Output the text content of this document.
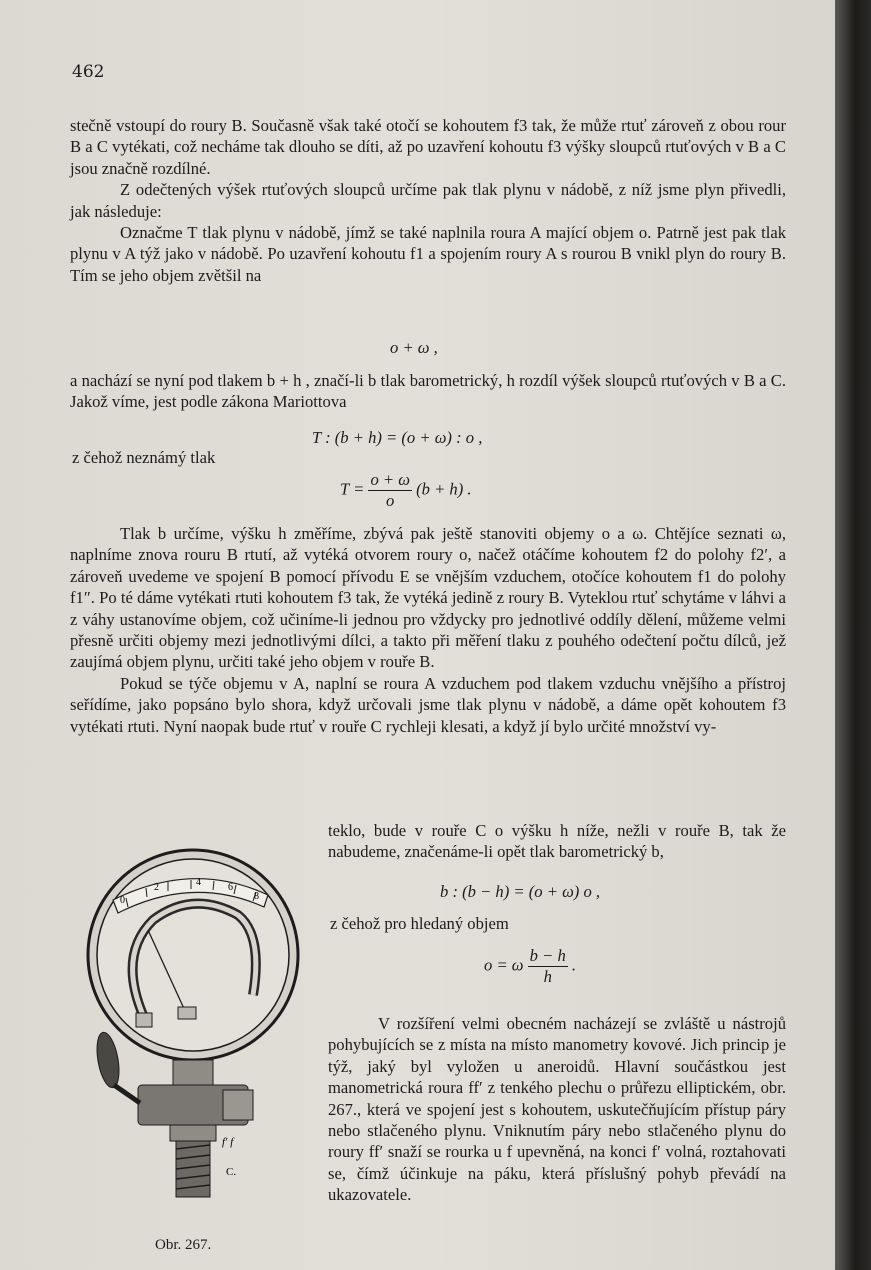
462

stečně vstoupí do roury B. Současně však také otočí se kohoutem f3 tak, že může rtuť zároveň z obou rour B a C vytékati, což necháme tak dlouho se díti, až po uzavření kohoutu f3 výšky sloupců rtuťových v B a C jsou značně rozdílné.

Z odečtených výšek rtuťových sloupců určíme pak tlak plynu v nádobě, z níž jsme plyn přivedli, jak následuje:

Označme T tlak plynu v nádobě, jímž se také naplnila roura A mající objem o. Patrně jest pak tlak plynu v A týž jako v nádobě. Po uzavření kohoutu f1 a spojením roury A s rourou B vnikl plyn do roury B. Tím se jeho objem zvětšil na

o + ω ,

a nachází se nyní pod tlakem b + h , značí-li b tlak barometrický, h rozdíl výšek sloupců rtuťových v B a C. Jakož víme, jest podle zákona Mariottova

T : (b + h) = (o + ω) : o ,
z čehož neznámý tlak
$T = \frac{o + \omega}{o} (b + h)$ .

Tlak b určíme, výšku h změříme, zbývá pak ještě stanoviti objemy o a ω. Chtějíce seznati ω, naplníme znova rouru B rtutí, až vytéká otvorem roury o, načež otáčíme kohoutem f2 do polohy f2′, a zároveň uvedeme ve spojení B pomocí přívodu E se vnějším vzduchem, otočíce kohoutem f1 do polohy f1″. Po té dáme vytékati rtuti kohoutem f3 tak, že vytéká jedině z roury B. Vyteklou rtuť schytáme v láhvi a z váhy ustanovíme objem, což učiníme-li jednou pro vždycky pro jednotlivé oddíly dělení, můžeme velmi přesně určiti objemy mezi jednotlivými dílci, a takto při měření tlaku z pouhého odečtení počtu dílců, jež zaujímá objem plynu, určiti také jeho objem v rouře B.

Pokud se týče objemu v A, naplní se roura A vzduchem pod tlakem vzduchu vnějšího a přístroj seřídíme, jako popsáno bylo shora, když určovali jsme tlak plynu v nádobě, a dáme opět kohoutem f3 vytékati rtuti. Nyní naopak bude rtuť v rouře C rychleji klesati, a když jí bylo určité množství vy-

teklo, bude v rouře C o výšku h níže, nežli v rouře B, tak že nabudeme, značenáme-li opět tlak barometrický b,

b : (b − h) = (o + ω) o ,
z čehož pro hledaný objem
o = ω $\frac{b - h}{h}$ .

V rozšíření velmi obecném nacházejí se zvláště u nástrojů pohybujících se z místa na místo manometry kovové. Jich princip je týž, jaký byl vyložen u aneroidů. Hlavní součástkou jest manometrická roura ff′ z tenkého plechu o průřezu elliptickém, obr. 267., která ve spojení jest s kohoutem, uskutečňujícím přístup páry nebo stlačeného plynu. Vniknutím páry nebo stlačeného plynu do roury ff′ snaží se rourka u f upevněná, na konci f′ volná, roztahovati se, čímž účinkuje na páku, která příslušný pohyb převádí na ukazovatele.

0
2	4	6
8
f′ f
C.
Obr. 267.
